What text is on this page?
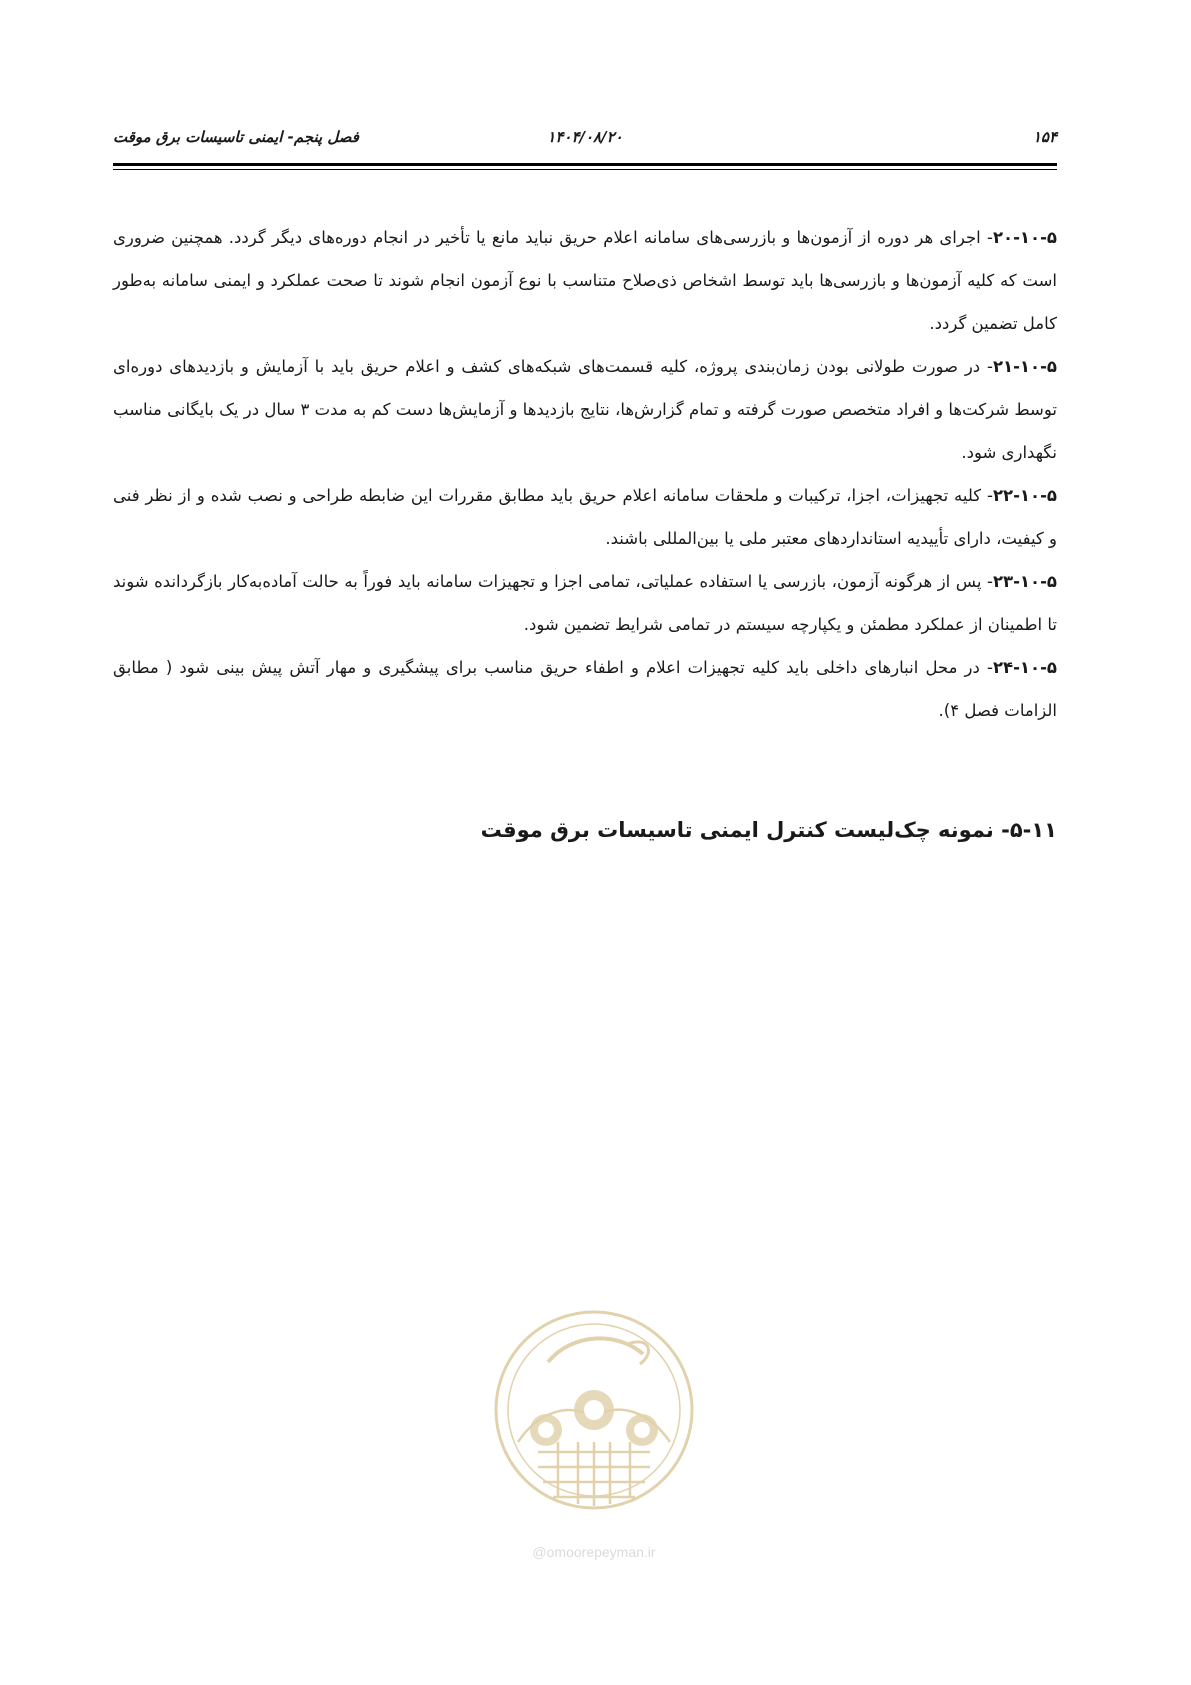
۱۵۴
۱۴۰۴/۰۸/۲۰
فصل پنجم- ایمنی تاسیسات برق موقت

۲۰-۱۰-۵- اجرای هر دوره از آزمون‌ها و بازرسی‌های سامانه اعلام حریق نباید مانع یا تأخیر در انجام دوره‌های دیگر گردد. همچنین ضروری است که کلیه آزمون‌ها و بازرسی‌ها باید توسط اشخاص ذی‌صلاح متناسب با نوع آزمون انجام شوند تا صحت عملکرد و ایمنی سامانه به‌طور کامل تضمین گردد.

۲۱-۱۰-۵- در صورت طولانی بودن زمان‌بندی پروژه، کلیه قسمت‌های شبکه‌های کشف و اعلام حریق باید با آزمایش و بازدیدهای دوره‌ای توسط شرکت‌ها و افراد متخصص صورت گرفته و تمام گزارش‌ها، نتایج بازدیدها و آزمایش‌ها دست کم به مدت ۳ سال در یک بایگانی مناسب نگهداری شود.

۲۲-۱۰-۵- کلیه تجهیزات، اجزا، ترکیبات و ملحقات سامانه اعلام حریق باید مطابق مقررات این ضابطه طراحی و نصب شده و از نظر فنی و کیفیت، دارای تأییدیه استانداردهای معتبر ملی یا بین‌المللی باشند.

۲۳-۱۰-۵- پس از هرگونه آزمون، بازرسی یا استفاده عملیاتی، تمامی اجزا و تجهیزات سامانه باید فوراً به حالت آماده‌به‌کار بازگردانده شوند تا اطمینان از عملکرد مطمئن و یکپارچه سیستم در تمامی شرایط تضمین شود.

۲۴-۱۰-۵- در محل انبارهای داخلی باید کلیه تجهیزات اعلام و اطفاء حریق مناسب برای پیشگیری و مهار آتش پیش بینی شود ( مطابق الزامات فصل ۴).

۵-۱۱- نمونه چک‌لیست کنترل ایمنی تاسیسات برق موقت
@omoorepeyman.ir
